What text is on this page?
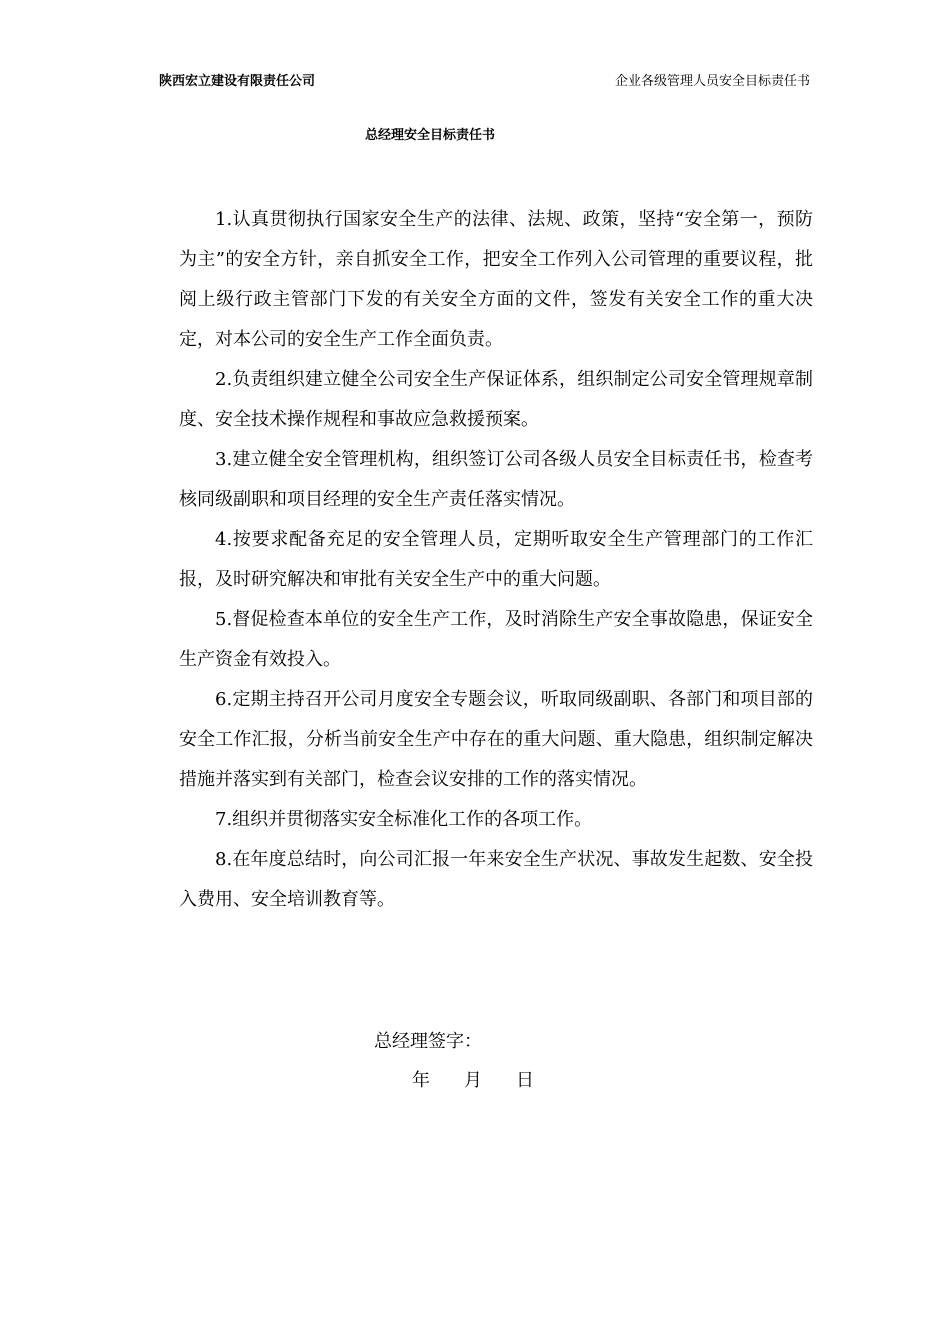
陕西宏立建设有限责任公司	企业各级管理人员安全目标责任书
总经理安全目标责任书

1.认真贯彻执行国家安全生产的法律、法规、政策，坚持“安全第一，预防为主”的安全方针，亲自抓安全工作，把安全工作列入公司管理的重要议程，批阅上级行政主管部门下发的有关安全方面的文件，签发有关安全工作的重大决定，对本公司的安全生产工作全面负责。

2.负责组织建立健全公司安全生产保证体系，组织制定公司安全管理规章制度、安全技术操作规程和事故应急救援预案。

3.建立健全安全管理机构，组织签订公司各级人员安全目标责任书，检查考核同级副职和项目经理的安全生产责任落实情况。

4.按要求配备充足的安全管理人员，定期听取安全生产管理部门的工作汇报，及时研究解决和审批有关安全生产中的重大问题。

5.督促检查本单位的安全生产工作，及时消除生产安全事故隐患，保证安全生产资金有效投入。

6.定期主持召开公司月度安全专题会议，听取同级副职、各部门和项目部的安全工作汇报，分析当前安全生产中存在的重大问题、重大隐患，组织制定解决措施并落实到有关部门，检查会议安排的工作的落实情况。

7.组织并贯彻落实安全标准化工作的各项工作。

8.在年度总结时，向公司汇报一年来安全生产状况、事故发生起数、安全投入费用、安全培训教育等。

总经理签字：
年 月 日
